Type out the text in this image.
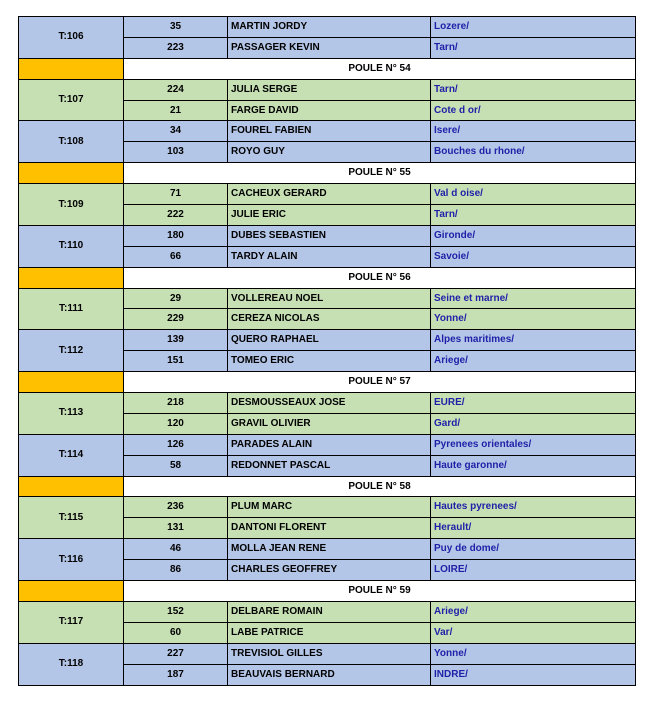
T:106	35	MARTIN JORDY	Lozere/
	223	PASSAGER KEVIN	Tarn/
	POULE N° 54		
T:107	224	JULIA SERGE	Tarn/
	21	FARGE DAVID	Cote d or/
T:108	34	FOUREL FABIEN	Isere/
	103	ROYO GUY	Bouches du rhone/
	POULE N° 55		
T:109	71	CACHEUX GERARD	Val d oise/
	222	JULIE ERIC	Tarn/
T:110	180	DUBES SEBASTIEN	Gironde/
	66	TARDY ALAIN	Savoie/
	POULE N° 56		
T:111	29	VOLLEREAU NOEL	Seine et marne/
	229	CEREZA NICOLAS	Yonne/
T:112	139	QUERO RAPHAEL	Alpes maritimes/
	151	TOMEO ERIC	Ariege/
	POULE N° 57		
T:113	218	DESMOUSSEAUX JOSE	EURE/
	120	GRAVIL OLIVIER	Gard/
T:114	126	PARADES ALAIN	Pyrenees orientales/
	58	REDONNET PASCAL	Haute garonne/
	POULE N° 58		
T:115	236	PLUM MARC	Hautes pyrenees/
	131	DANTONI FLORENT	Herault/
T:116	46	MOLLA JEAN RENE	Puy de dome/
	86	CHARLES GEOFFREY	LOIRE/
	POULE N° 59		
T:117	152	DELBARE ROMAIN	Ariege/
	60	LABE PATRICE	Var/
T:118	227	TREVISIOL GILLES	Yonne/
	187	BEAUVAIS BERNARD	INDRE/
